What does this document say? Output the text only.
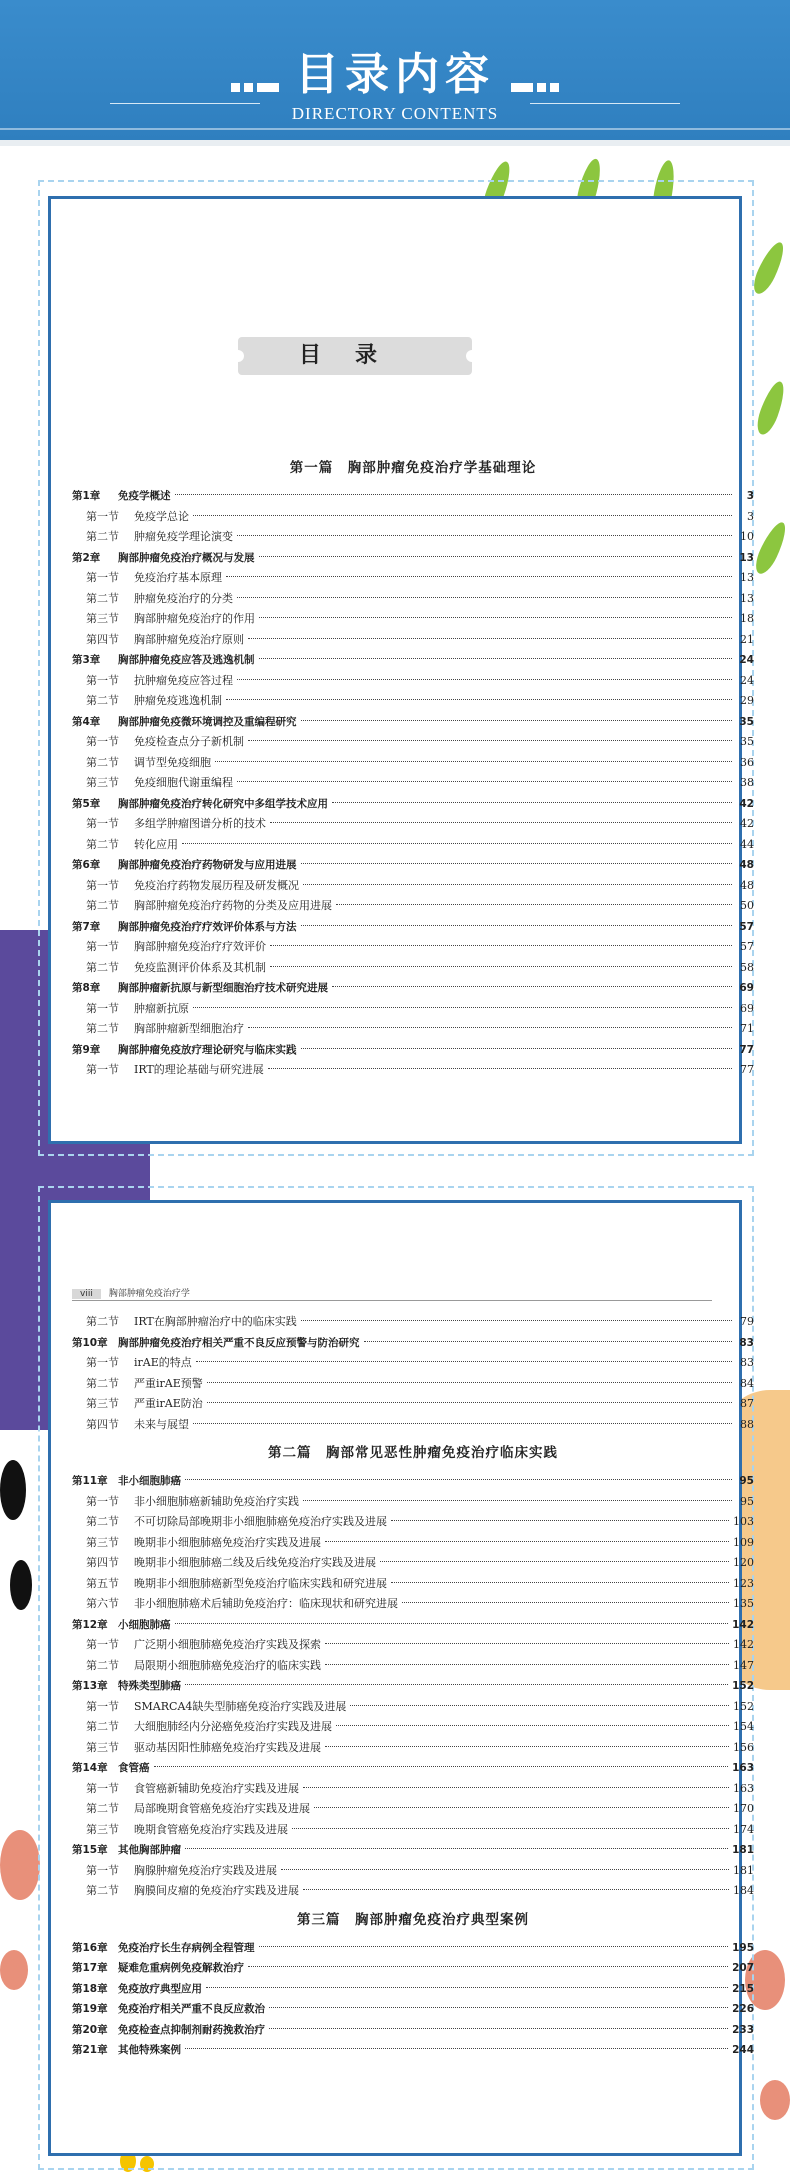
目录内容
DIRECTORY CONTENTS
目录
第一篇　胸部肿瘤免疫治疗学基础理论
第1章 免疫学概述	3
第一节 免疫学总论	3
第二节 肿瘤免疫学理论演变	10
第2章 胸部肿瘤免疫治疗概况与发展	13
第一节 免疫治疗基本原理	13
第二节 肿瘤免疫治疗的分类	13
第三节 胸部肿瘤免疫治疗的作用	18
第四节 胸部肿瘤免疫治疗原则	21
第3章 胸部肿瘤免疫应答及逃逸机制	24
第一节 抗肿瘤免疫应答过程	24
第二节 肿瘤免疫逃逸机制	29
第4章 胸部肿瘤免疫微环境调控及重编程研究	35
第一节 免疫检查点分子新机制	35
第二节 调节型免疫细胞	36
第三节 免疫细胞代谢重编程	38
第5章 胸部肿瘤免疫治疗转化研究中多组学技术应用	42
第一节 多组学肿瘤图谱分析的技术	42
第二节 转化应用	44
第6章 胸部肿瘤免疫治疗药物研发与应用进展	48
第一节 免疫治疗药物发展历程及研发概况	48
第二节 胸部肿瘤免疫治疗药物的分类及应用进展	50
第7章 胸部肿瘤免疫治疗疗效评价体系与方法	57
第一节 胸部肿瘤免疫治疗疗效评价	57
第二节 免疫监测评价体系及其机制	58
第8章 胸部肿瘤新抗原与新型细胞治疗技术研究进展	69
第一节 肿瘤新抗原	69
第二节 胸部肿瘤新型细胞治疗	71
第9章 胸部肿瘤免疫放疗理论研究与临床实践	77
第一节 IRT的理论基础与研究进展	77
viii 胸部肿瘤免疫治疗学
第二节 IRT在胸部肿瘤治疗中的临床实践	79
第10章 胸部肿瘤免疫治疗相关严重不良反应预警与防治研究	83
第一节 irAE的特点	83
第二节 严重irAE预警	84
第三节 严重irAE防治	87
第四节 未来与展望	88
第二篇　胸部常见恶性肿瘤免疫治疗临床实践
第11章 非小细胞肺癌	95
第一节 非小细胞肺癌新辅助免疫治疗实践	95
第二节 不可切除局部晚期非小细胞肺癌免疫治疗实践及进展	103
第三节 晚期非小细胞肺癌免疫治疗实践及进展	109
第四节 晚期非小细胞肺癌二线及后线免疫治疗实践及进展	120
第五节 晚期非小细胞肺癌新型免疫治疗临床实践和研究进展	123
第六节 非小细胞肺癌术后辅助免疫治疗：临床现状和研究进展	135
第12章 小细胞肺癌	142
第一节 广泛期小细胞肺癌免疫治疗实践及探索	142
第二节 局限期小细胞肺癌免疫治疗的临床实践	147
第13章 特殊类型肺癌	152
第一节 SMARCA4缺失型肺癌免疫治疗实践及进展	152
第二节 大细胞肺经内分泌癌免疫治疗实践及进展	154
第三节 驱动基因阳性肺癌免疫治疗实践及进展	156
第14章 食管癌	163
第一节 食管癌新辅助免疫治疗实践及进展	163
第二节 局部晚期食管癌免疫治疗实践及进展	170
第三节 晚期食管癌免疫治疗实践及进展	174
第15章 其他胸部肿瘤	181
第一节 胸腺肿瘤免疫治疗实践及进展	181
第二节 胸膜间皮瘤的免疫治疗实践及进展	184
第三篇　胸部肿瘤免疫治疗典型案例
第16章 免疫治疗长生存病例全程管理	195
第17章 疑难危重病例免疫解救治疗	207
第18章 免疫放疗典型应用	215
第19章 免疫治疗相关严重不良反应救治	226
第20章 免疫检查点抑制剂耐药挽救治疗	233
第21章 其他特殊案例	244
